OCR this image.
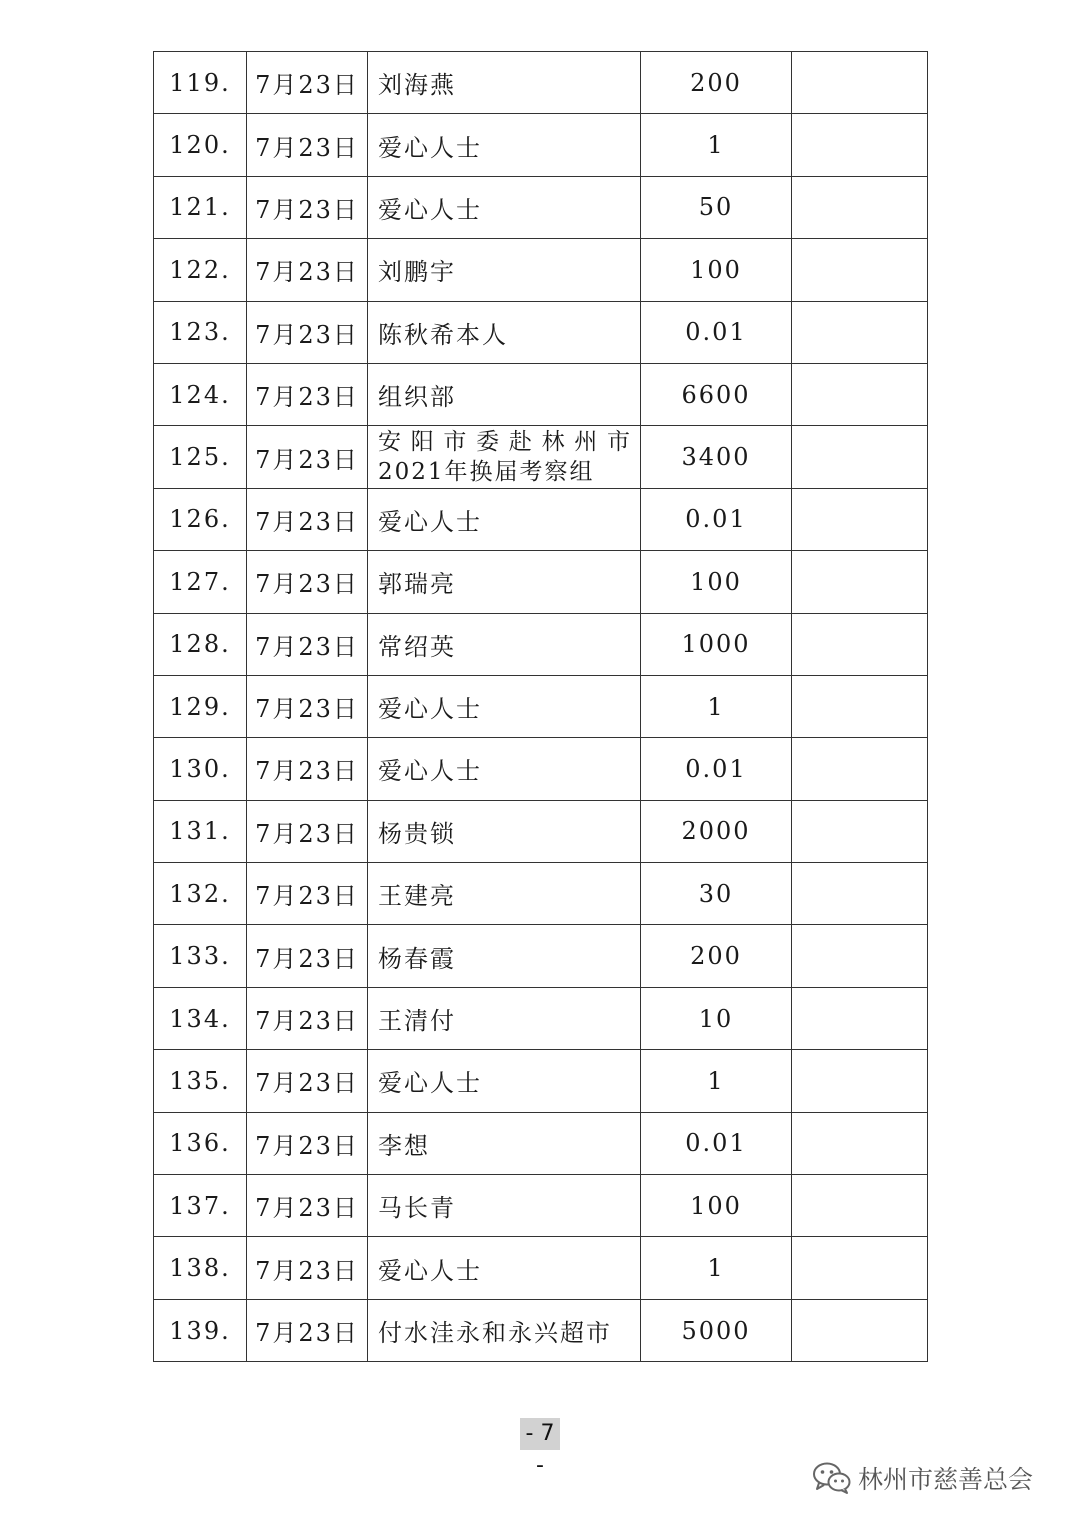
119.	7月23日	刘海燕	200	
120.	7月23日	爱心人士	1	
121.	7月23日	爱心人士	50	
122.	7月23日	刘鹏宇	100	
123.	7月23日	陈秋希本人	0.01	
124.	7月23日	组织部	6600	
125.	7月23日	安阳市委赴林州市2021年换届考察组	3400	
126.	7月23日	爱心人士	0.01	
127.	7月23日	郭瑞亮	100	
128.	7月23日	常绍英	1000	
129.	7月23日	爱心人士	1	
130.	7月23日	爱心人士	0.01	
131.	7月23日	杨贵锁	2000	
132.	7月23日	王建亮	30	
133.	7月23日	杨春霞	200	
134.	7月23日	王清付	10	
135.	7月23日	爱心人士	1	
136.	7月23日	李想	0.01	
137.	7月23日	马长青	100	
138.	7月23日	爱心人士	1	
139.	7月23日	付水洼永和永兴超市	5000	
- 7 -	林州市慈善总会
